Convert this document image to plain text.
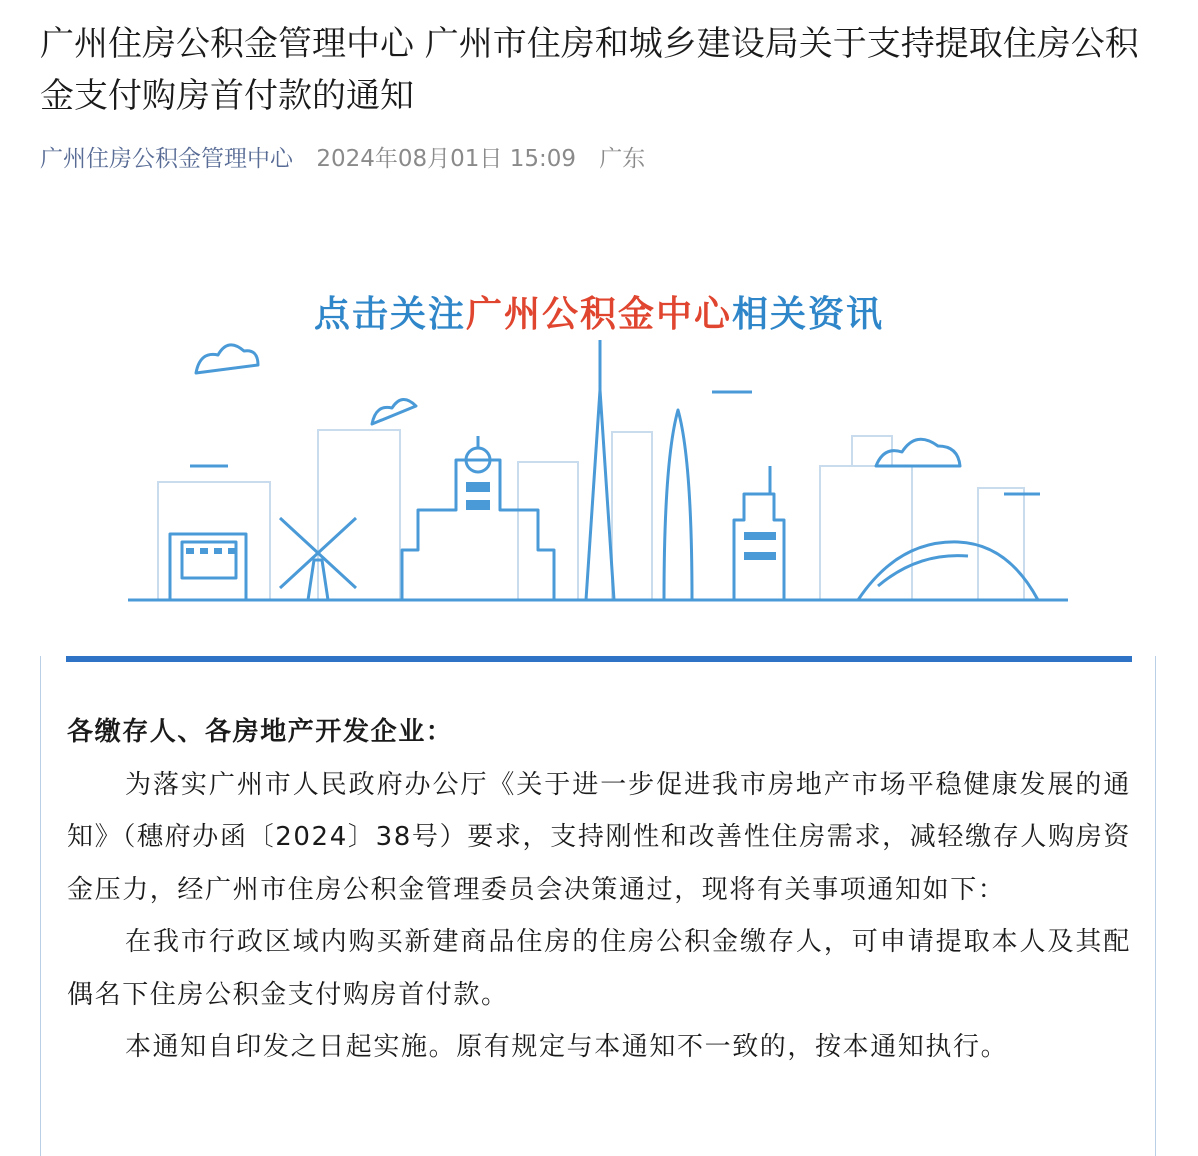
广州住房公积金管理中心 广州市住房和城乡建设局关于支持提取住房公积金支付购房首付款的通知
广州住房公积金管理中心 2024年08月01日 15:09 广东
点击关注广州公积金中心相关资讯

各缴存人、各房地产开发企业：

为落实广州市人民政府办公厅《关于进一步促进我市房地产市场平稳健康发展的通知》（穗府办函〔2024〕38号）要求，支持刚性和改善性住房需求，减轻缴存人购房资金压力，经广州市住房公积金管理委员会决策通过，现将有关事项通知如下：

在我市行政区域内购买新建商品住房的住房公积金缴存人，可申请提取本人及其配偶名下住房公积金支付购房首付款。

本通知自印发之日起实施。原有规定与本通知不一致的，按本通知执行。
